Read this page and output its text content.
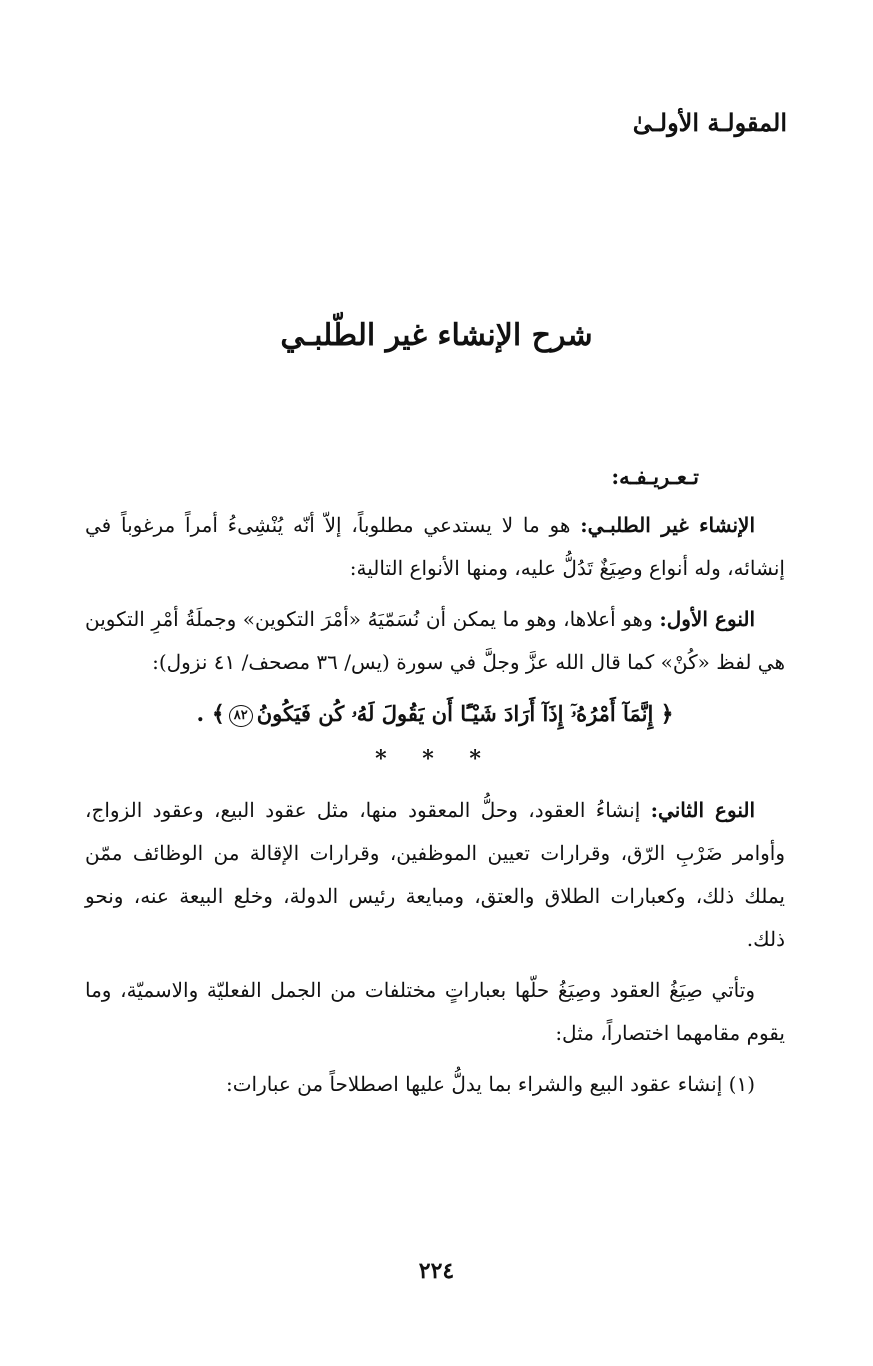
المقولـة الأولـىٰ
شرح الإنشاء غير الطّلبـي
تـعـريـفـه:

الإنشاء غير الطلبـي: هو ما لا يستدعي مطلوباً، إلاّ أنّه يُنْشِىءُ أمراً مرغوباً في إنشائه، وله أنواع وصِيَغٌ تَدُلُّ عليه، ومنها الأنواع التالية:

النوع الأول: وهو أعلاها، وهو ما يمكن أن نُسَمّيَهُ «أمْرَ التكوين» وجملَةُ أمْرِ التكوين هي لفظ «كُنْ» كما قال الله عزَّ وجلَّ في سورة (يس/ ٣٦ مصحف/ ٤١ نزول):

﴿ إِنَّمَآ أَمْرُهُۥٓ إِذَآ أَرَادَ شَيْـًٔا أَن يَقُولَ لَهُۥ كُن فَيَكُونُ٨٢﴾ .

* * *

النوع الثاني: إنشاءُ العقود، وحلُّ المعقود منها، مثل عقود البيع، وعقود الزواج، وأوامر ضَرْبِ الرّق، وقرارات تعيين الموظفين، وقرارات الإقالة من الوظائف ممّن يملك ذلك، وكعبارات الطلاق والعتق، ومبايعة رئيس الدولة، وخلع البيعة عنه، ونحو ذلك.

وتأتي صِيَغُ العقود وصِيَغُ حلّها بعباراتٍ مختلفات من الجمل الفعليّة والاسميّة، وما يقوم مقامهما اختصاراً، مثل:

(١) إنشاء عقود البيع والشراء بما يدلُّ عليها اصطلاحاً من عبارات:

٢٢٤
